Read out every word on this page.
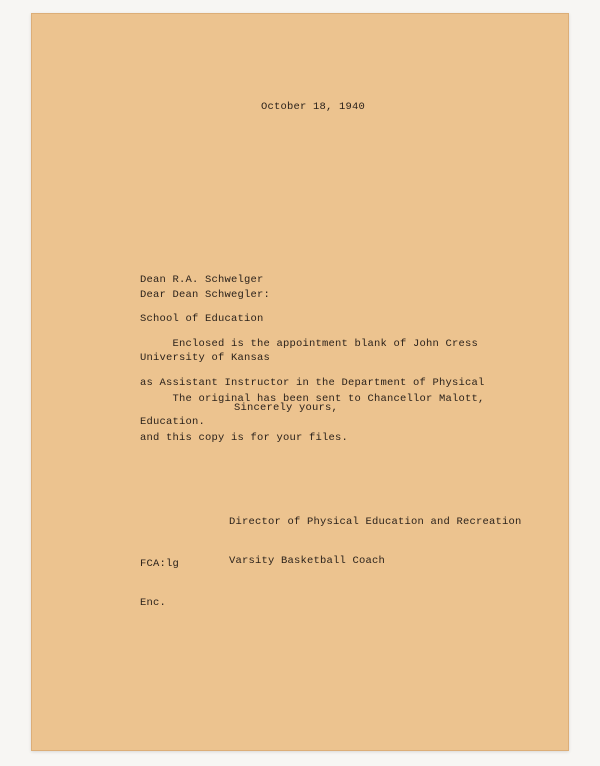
October 18, 1940

Dean R.A. Schwelger

School of Education

University of Kansas

Dear Dean Schwegler:

Enclosed is the appointment blank of John Cress

as Assistant Instructor in the Department of Physical

Education.

The original has been sent to Chancellor Malott,

and this copy is for your files.

Sincerely yours,

Director of Physical Education and Recreation

Varsity Basketball Coach

FCA:lg

Enc.
